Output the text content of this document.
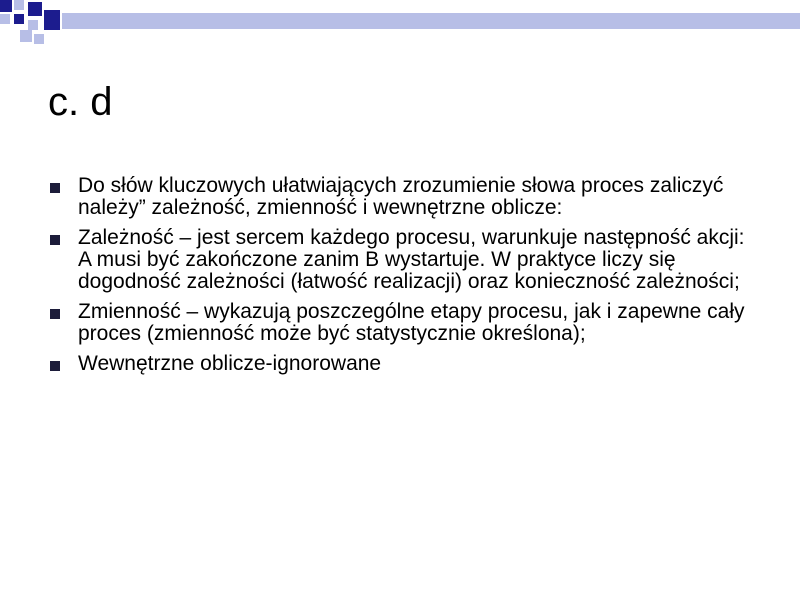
c. d
Do słów kluczowych ułatwiających zrozumienie słowa proces zaliczyć należy” zależność, zmienność i wewnętrzne oblicze:
Zależność – jest sercem każdego procesu, warunkuje następność akcji: A musi być zakończone zanim B wystartuje. W praktyce liczy się dogodność zależności (łatwość realizacji) oraz konieczność zależności;
Zmienność – wykazują poszczególne etapy procesu, jak i zapewne cały proces (zmienność może być statystycznie określona);
Wewnętrzne oblicze-ignorowane
